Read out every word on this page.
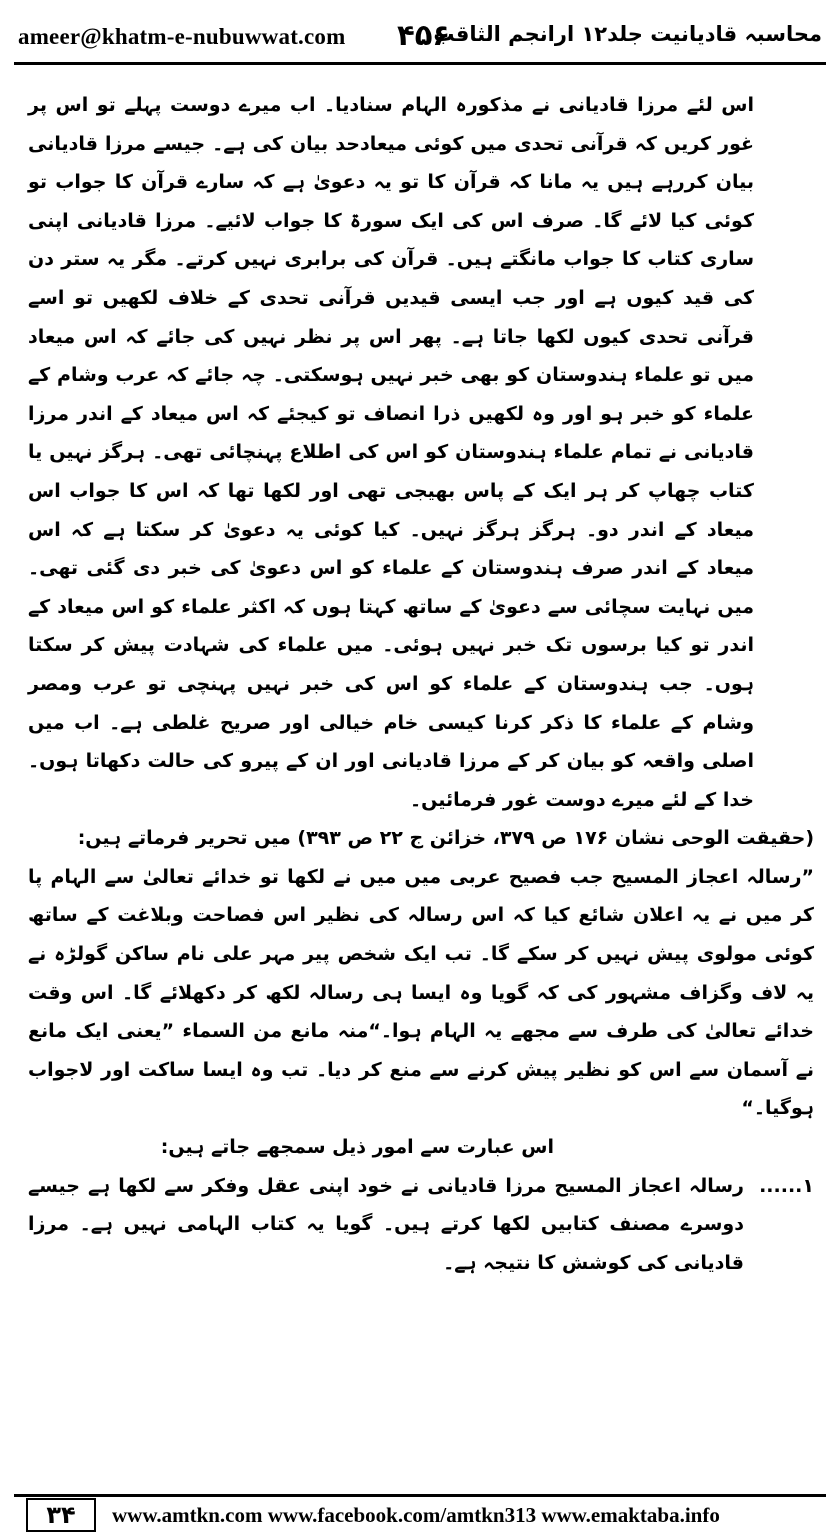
ameer@khatm-e-nubuwwat.com ۴۵۶
محاسبہ قادیانیت جلد۱۲ ارانجم الثاقب

اس لئے مرزا قادیانی نے مذکورہ الہام سنادیا۔ اب میرے دوست پہلے تو اس پر غور کریں کہ قرآنی تحدی میں کوئی میعادحد بیان کی ہے۔ جیسے مرزا قادیانی بیان کررہے ہیں یہ مانا کہ قرآن کا تو یہ دعویٰ ہے کہ سارے قرآن کا جواب تو کوئی کیا لائے گا۔ صرف اس کی ایک سورۃ کا جواب لائیے۔ مرزا قادیانی اپنی ساری کتاب کا جواب مانگتے ہیں۔ قرآن کی برابری نہیں کرتے۔ مگر یہ ستر دن کی قید کیوں ہے اور جب ایسی قیدیں قرآنی تحدی کے خلاف لکھیں تو اسے قرآنی تحدی کیوں لکھا جاتا ہے۔ پھر اس پر نظر نہیں کی جائے کہ اس میعاد میں تو علماء ہندوستان کو بھی خبر نہیں ہوسکتی۔ چہ جائے کہ عرب وشام کے علماء کو خبر ہو اور وہ لکھیں ذرا انصاف تو کیجئے کہ اس میعاد کے اندر مرزا قادیانی نے تمام علماء ہندوستان کو اس کی اطلاع پہنچائی تھی۔ ہرگز نہیں یا کتاب چھاپ کر ہر ایک کے پاس بھیجی تھی اور لکھا تھا کہ اس کا جواب اس میعاد کے اندر دو۔ ہرگز ہرگز نہیں۔ کیا کوئی یہ دعویٰ کر سکتا ہے کہ اس میعاد کے اندر صرف ہندوستان کے علماء کو اس دعویٰ کی خبر دی گئی تھی۔ میں نہایت سچائی سے دعویٰ کے ساتھ کہتا ہوں کہ اکثر علماء کو اس میعاد کے اندر تو کیا برسوں تک خبر نہیں ہوئی۔ میں علماء کی شہادت پیش کر سکتا ہوں۔ جب ہندوستان کے علماء کو اس کی خبر نہیں پہنچی تو عرب ومصر وشام کے علماء کا ذکر کرنا کیسی خام خیالی اور صریح غلطی ہے۔ اب میں اصلی واقعہ کو بیان کر کے مرزا قادیانی اور ان کے پیرو کی حالت دکھاتا ہوں۔ خدا کے لئے میرے دوست غور فرمائیں۔

(حقیقت الوحی نشان ۱۷۶ ص ۳۷۹، خزائن ج ۲۲ ص ۳۹۳) میں تحریر فرماتے ہیں:

”رسالہ اعجاز المسیح جب فصیح عربی میں میں نے لکھا تو خدائے تعالیٰ سے الہام پا کر میں نے یہ اعلان شائع کیا کہ اس رسالہ کی نظیر اس فصاحت وبلاغت کے ساتھ کوئی مولوی پیش نہیں کر سکے گا۔ تب ایک شخص پیر مہر علی نام ساکن گولڑہ نے یہ لاف وگزاف مشہور کی کہ گویا وہ ایسا ہی رسالہ لکھ کر دکھلائے گا۔ اس وقت خدائے تعالیٰ کی طرف سے مجھے یہ الہام ہوا۔“منہ مانع من السماء ”یعنی ایک مانع نے آسمان سے اس کو نظیر پیش کرنے سے منع کر دیا۔ تب وہ ایسا ساکت اور لاجواب ہوگیا۔“

اس عبارت سے امور ذیل سمجھے جاتے ہیں:

۱......
رسالہ اعجاز المسیح مرزا قادیانی نے خود اپنی عقل وفکر سے لکھا ہے جیسے دوسرے مصنف کتابیں لکھا کرتے ہیں۔ گویا یہ کتاب الہامی نہیں ہے۔ مرزا قادیانی کی کوشش کا نتیجہ ہے۔
۳۴	www.amtkn.com www.facebook.com/amtkn313 www.emaktaba.info
